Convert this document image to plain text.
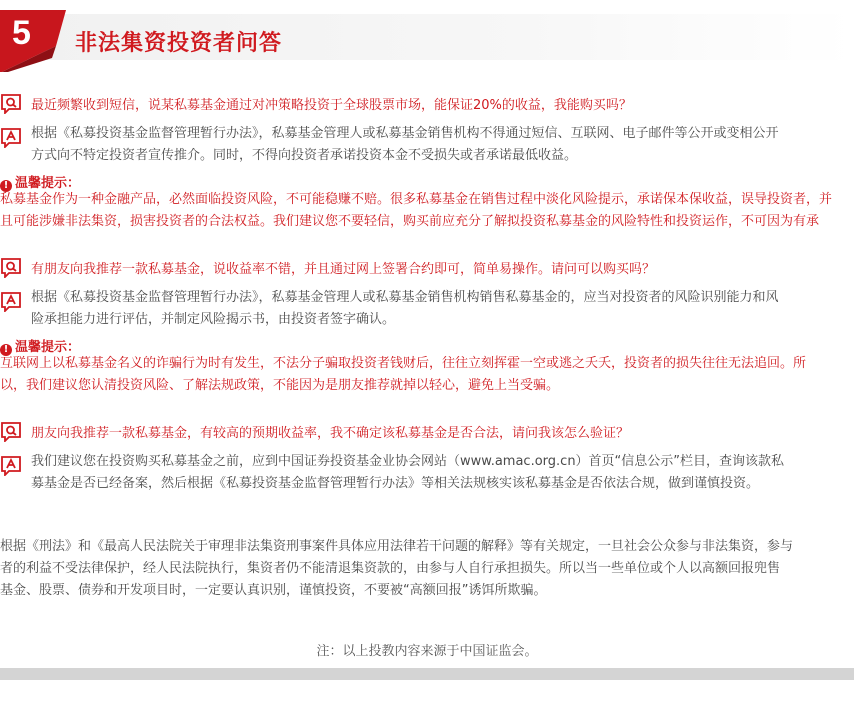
5 非法集资投资者问答
最近频繁收到短信，说某私募基金通过对冲策略投资于全球股票市场，能保证20%的收益，我能购买吗？
根据《私募投资基金监督管理暂行办法》，私募基金管理人或私募基金销售机构不得通过短信、互联网、电子邮件等公开或变相公开
方式向不特定投资者宣传推介。同时，不得向投资者承诺投资本金不受损失或者承诺最低收益。
! 温馨提示：
私募基金作为一种金融产品，必然面临投资风险，不可能稳赚不赔。很多私募基金在销售过程中淡化风险提示，承诺保本保收益，误导投资者，并
且可能涉嫌非法集资，损害投资者的合法权益。我们建议您不要轻信，购买前应充分了解拟投资私募基金的风险特性和投资运作，不可因为有承
有朋友向我推荐一款私募基金，说收益率不错，并且通过网上签署合约即可，简单易操作。请问可以购买吗？
根据《私募投资基金监督管理暂行办法》，私募基金管理人或私募基金销售机构销售私募基金的，应当对投资者的风险识别能力和风
险承担能力进行评估，并制定风险揭示书，由投资者签字确认。
! 温馨提示：
互联网上以私募基金名义的诈骗行为时有发生，不法分子骗取投资者钱财后，往往立刻挥霍一空或逃之夭夭，投资者的损失往往无法追回。所
以，我们建议您认清投资风险、了解法规政策，不能因为是朋友推荐就掉以轻心，避免上当受骗。
朋友向我推荐一款私募基金，有较高的预期收益率，我不确定该私募基金是否合法，请问我该怎么验证？
我们建议您在投资购买私募基金之前，应到中国证券投资基金业协会网站（www.amac.org.cn）首页“信息公示”栏目，查询该款私
募基金是否已经备案，然后根据《私募投资基金监督管理暂行办法》等相关法规核实该私募基金是否依法合规，做到谨慎投资。
根据《刑法》和《最高人民法院关于审理非法集资刑事案件具体应用法律若干问题的解释》等有关规定，一旦社会公众参与非法集资，参与
者的利益不受法律保护，经人民法院执行，集资者仍不能清退集资款的，由参与人自行承担损失。所以当一些单位或个人以高额回报兜售
基金、股票、债券和开发项目时，一定要认真识别，谨慎投资，不要被“高额回报”诱饵所欺骗。
注：以上投教内容来源于中国证监会。
